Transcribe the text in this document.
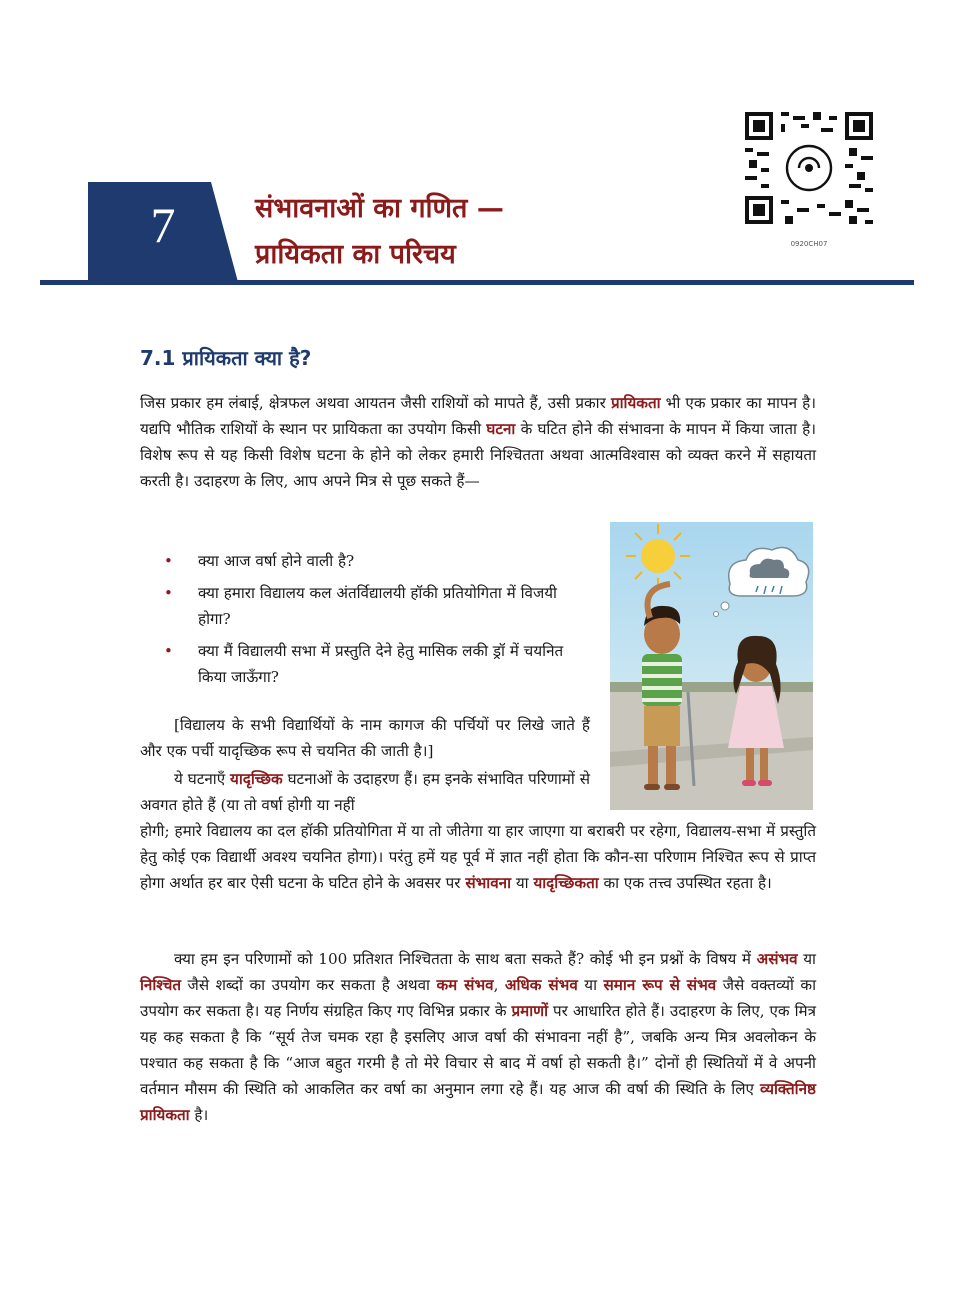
7	संभावनाओं का गणित —
प्रायिकता का परिचय	0920CH07
7.1 प्रायिकता क्या है?
जिस प्रकार हम लंबाई, क्षेत्रफल अथवा आयतन जैसी राशियों को मापते हैं, उसी प्रकार प्रायिकता भी एक प्रकार का मापन है। यद्यपि भौतिक राशियों के स्थान पर प्रायिकता का उपयोग किसी घटना के घटित होने की संभावना के मापन में किया जाता है। विशेष रूप से यह किसी विशेष घटना के होने को लेकर हमारी निश्चितता अथवा आत्मविश्वास को व्यक्त करने में सहायता करती है। उदाहरण के लिए, आप अपने मित्र से पूछ सकते हैं—
• क्या आज वर्षा होने वाली है?
• क्या हमारा विद्यालय कल अंतर्विद्यालयी हॉकी प्रतियोगिता में विजयी होगा?
• क्या मैं विद्यालयी सभा में प्रस्तुति देने हेतु मासिक लकी ड्रॉ में चयनित किया जाऊँगा?
[विद्यालय के सभी विद्यार्थियों के नाम कागज की पर्चियों पर लिखे जाते हैं और एक पर्ची यादृच्छिक रूप से चयनित की जाती है।]
ये घटनाएँ यादृच्छिक घटनाओं के उदाहरण हैं। हम इनके संभावित परिणामों से अवगत होते हैं (या तो वर्षा होगी या नहीं
होगी; हमारे विद्यालय का दल हॉकी प्रतियोगिता में या तो जीतेगा या हार जाएगा या बराबरी पर रहेगा, विद्यालय-सभा में प्रस्तुति हेतु कोई एक विद्यार्थी अवश्य चयनित होगा)। परंतु हमें यह पूर्व में ज्ञात नहीं होता कि कौन-सा परिणाम निश्चित रूप से प्राप्त होगा अर्थात हर बार ऐसी घटना के घटित होने के अवसर पर संभावना या यादृच्छिकता का एक तत्त्व उपस्थित रहता है।
क्या हम इन परिणामों को 100 प्रतिशत निश्चितता के साथ बता सकते हैं? कोई भी इन प्रश्नों के विषय में असंभव या निश्चित जैसे शब्दों का उपयोग कर सकता है अथवा कम संभव, अधिक संभव या समान रूप से संभव जैसे वक्तव्यों का उपयोग कर सकता है। यह निर्णय संग्रहित किए गए विभिन्न प्रकार के प्रमाणों पर आधारित होते हैं। उदाहरण के लिए, एक मित्र यह कह सकता है कि “सूर्य तेज चमक रहा है इसलिए आज वर्षा की संभावना नहीं है”, जबकि अन्य मित्र अवलोकन के पश्चात कह सकता है कि “आज बहुत गरमी है तो मेरे विचार से बाद में वर्षा हो सकती है।” दोनों ही स्थितियों में वे अपनी वर्तमान मौसम की स्थिति को आकलित कर वर्षा का अनुमान लगा रहे हैं। यह आज की वर्षा की स्थिति के लिए व्यक्तिनिष्ठ प्रायिकता है।
